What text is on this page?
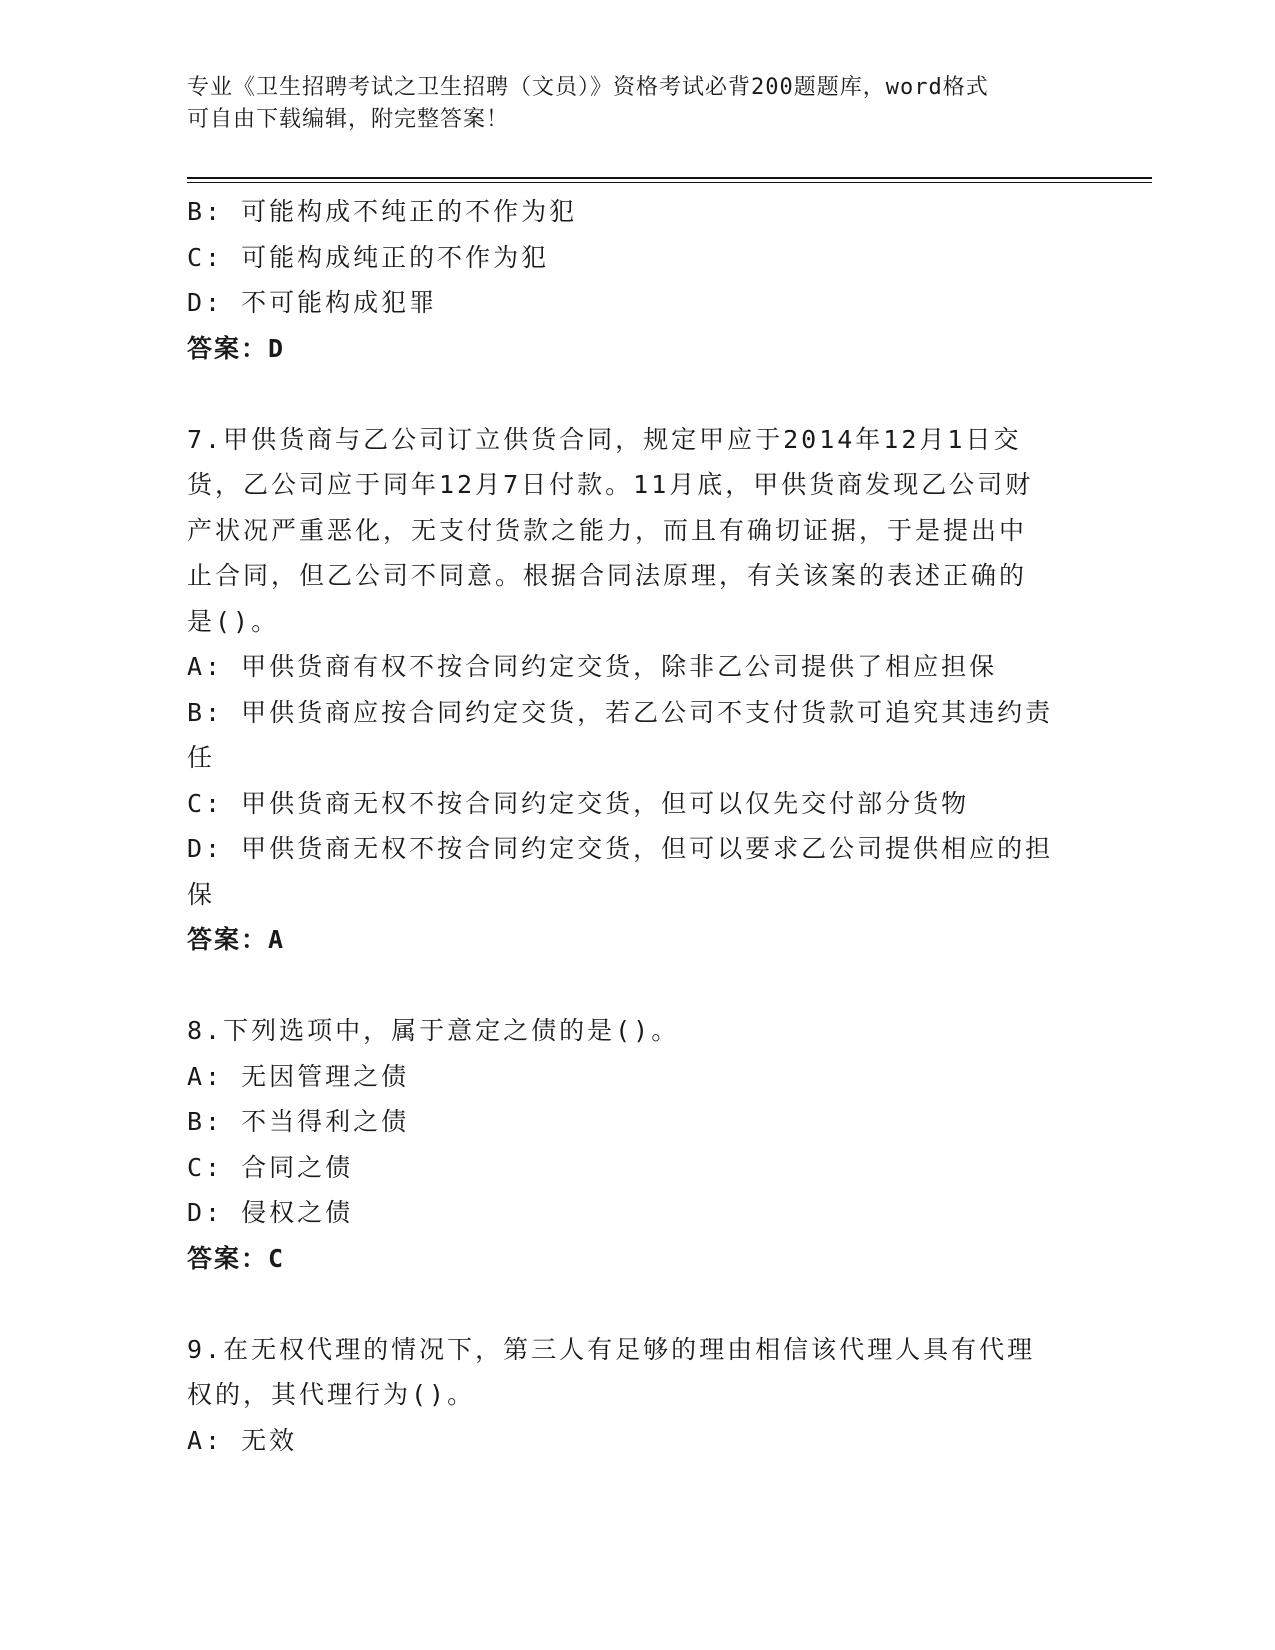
专业《卫生招聘考试之卫生招聘（文员）》资格考试必背200题题库，word格式
可自由下载编辑，附完整答案！
B: 可能构成不纯正的不作为犯
C: 可能构成纯正的不作为犯
D: 不可能构成犯罪
答案：D
7.甲供货商与乙公司订立供货合同，规定甲应于2014年12月1日交
货，乙公司应于同年12月7日付款。11月底，甲供货商发现乙公司财
产状况严重恶化，无支付货款之能力，而且有确切证据，于是提出中
止合同，但乙公司不同意。根据合同法原理，有关该案的表述正确的
是()。
A: 甲供货商有权不按合同约定交货，除非乙公司提供了相应担保
B: 甲供货商应按合同约定交货，若乙公司不支付货款可追究其违约责
任
C: 甲供货商无权不按合同约定交货，但可以仅先交付部分货物
D: 甲供货商无权不按合同约定交货，但可以要求乙公司提供相应的担
保
答案：A
8.下列选项中，属于意定之债的是()。
A: 无因管理之债
B: 不当得利之债
C: 合同之债
D: 侵权之债
答案：C
9.在无权代理的情况下，第三人有足够的理由相信该代理人具有代理
权的，其代理行为()。
A: 无效
